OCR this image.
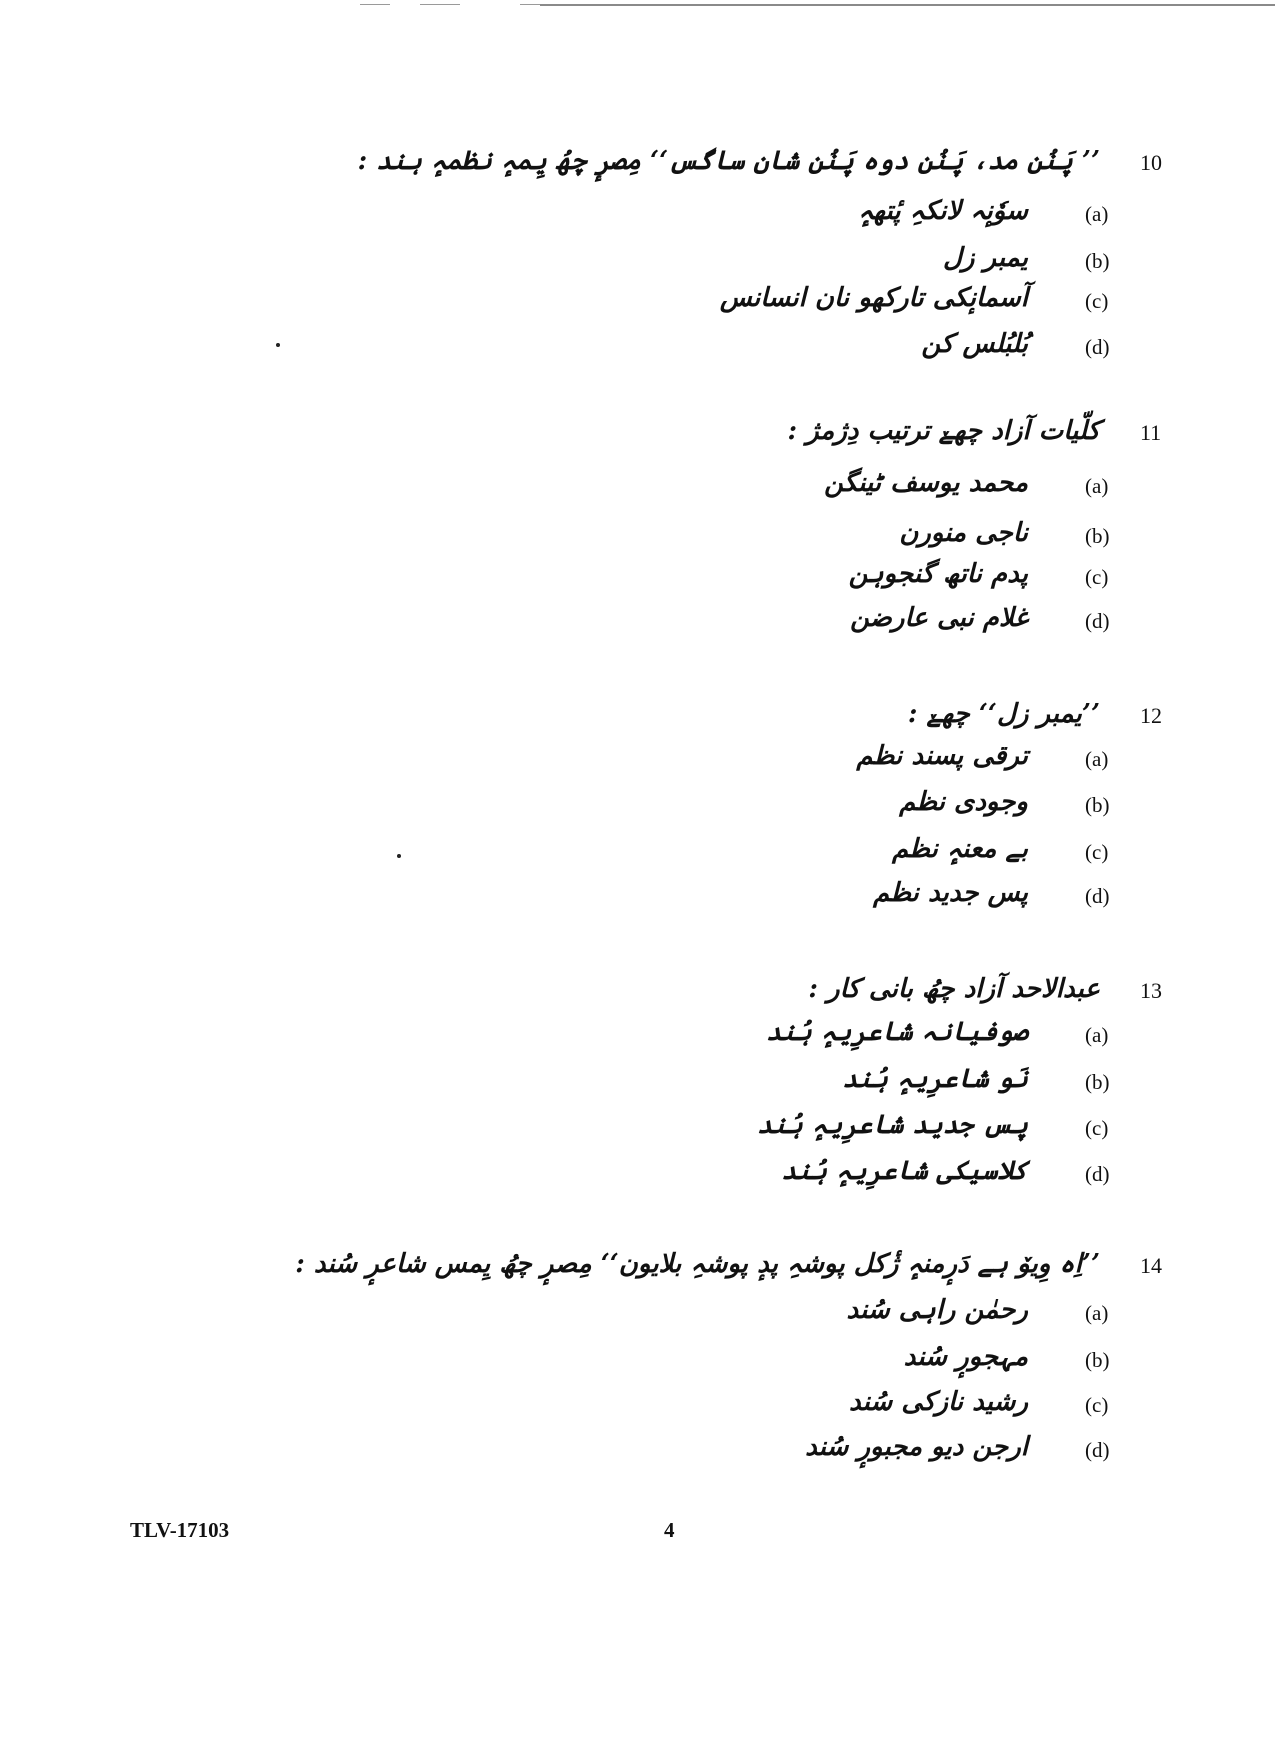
10
’’ پَنُن مد، پَنُن دوہ پَنُن شان ساگس‘‘ مِصرٕ چھُ یِمہٕ نظمہٕ ہند :
(a)
سوٗنٕہ لانکہِ پٔتھہٕ
(b)
یمبر زل
(c)
آسمانٕکی تارکھو نان انسانس
(d)
بُلبُلس کن
11
کلّیات آزاد چھےٚ ترتیب دِژمژ :
(a)
محمد یوسف ٹینگن
(b)
ناجی منورن
(c)
پدم ناتھ گنجوہن
(d)
غلام نبی عارضن
12
’’یمبر زل‘‘ چھےٚ :
(a)
ترقی پسند نظم
(b)
وجودی نظم
(c)
بے معنہٕ نظم
(d)
پس جدید نظم
13
عبدالاحد آزاد چھُ بانی کار :
(a)
صوفیانہ شاعرِیہٕ ہُند
(b)
نَو شاعرِیہٕ ہُند
(c)
پس جدید شاعرِیہٕ ہُند
(d)
کلاسیکی شاعرِیہٕ ہُند
14
’’اِہ وِیوٚ ہے دَرٕمنہٕ ژٔکل پوشہِ پدٕ پوشہِ بلایون‘‘ مِصرٕ چھُ یِمس شاعرٕ سُند :
(a)
رحمٰن راہی سُند
(b)
مہجورٕ سُند
(c)
رشید نازکی سُند
(d)
ارجن دیو مجبورٕ سُند
TLV-17103	4
